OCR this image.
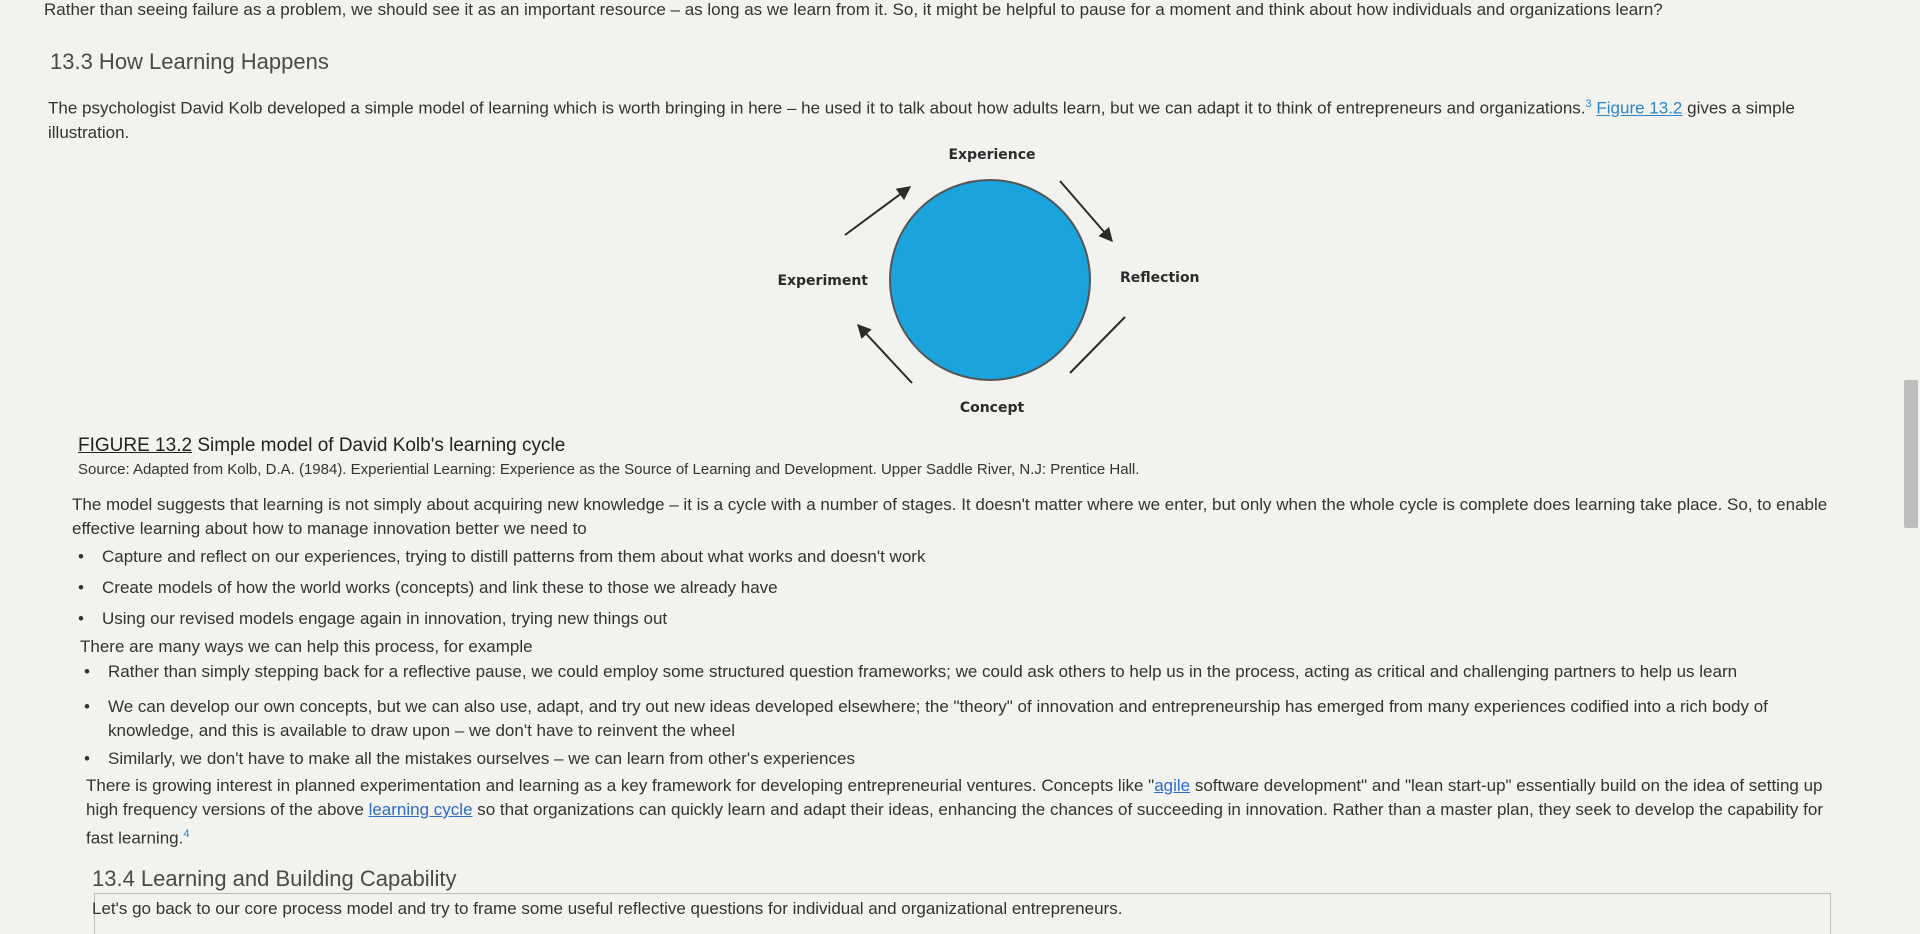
Rather than seeing failure as a problem, we should see it as an important resource – as long as we learn from it. So, it might be helpful to pause for a moment and think about how individuals and organizations learn?
13.3 How Learning Happens
The psychologist David Kolb developed a simple model of learning which is worth bringing in here – he used it to talk about how adults learn, but we can adapt it to think of entrepreneurs and organizations.$^3$ Figure 13.2 gives a simple
illustration.
Experience
Reflection
Concept
Experiment
FIGURE 13.2 Simple model of David Kolb's learning cycle
Source: Adapted from Kolb, D.A. (1984). Experiential Learning: Experience as the Source of Learning and Development. Upper Saddle River, N.J: Prentice Hall.
The model suggests that learning is not simply about acquiring new knowledge – it is a cycle with a number of stages. It doesn't matter where we enter, but only when the whole cycle is complete does learning take place. So, to enable
effective learning about how to manage innovation better we need to
• Capture and reflect on our experiences, trying to distill patterns from them about what works and doesn't work
• Create models of how the world works (concepts) and link these to those we already have
• Using our revised models engage again in innovation, trying new things out
There are many ways we can help this process, for example
• Rather than simply stepping back for a reflective pause, we could employ some structured question frameworks; we could ask others to help us in the process, acting as critical and challenging partners to help us learn
• We can develop our own concepts, but we can also use, adapt, and try out new ideas developed elsewhere; the "theory" of innovation and entrepreneurship has emerged from many experiences codified into a rich body of
knowledge, and this is available to draw upon – we don't have to reinvent the wheel
• Similarly, we don't have to make all the mistakes ourselves – we can learn from other's experiences
There is growing interest in planned experimentation and learning as a key framework for developing entrepreneurial ventures. Concepts like "agile software development" and "lean start-up" essentially build on the idea of setting up
high frequency versions of the above learning cycle so that organizations can quickly learn and adapt their ideas, enhancing the chances of succeeding in innovation. Rather than a master plan, they seek to develop the capability for
fast learning.$^4$
13.4 Learning and Building Capability
Let's go back to our core process model and try to frame some useful reflective questions for individual and organizational entrepreneurs.
